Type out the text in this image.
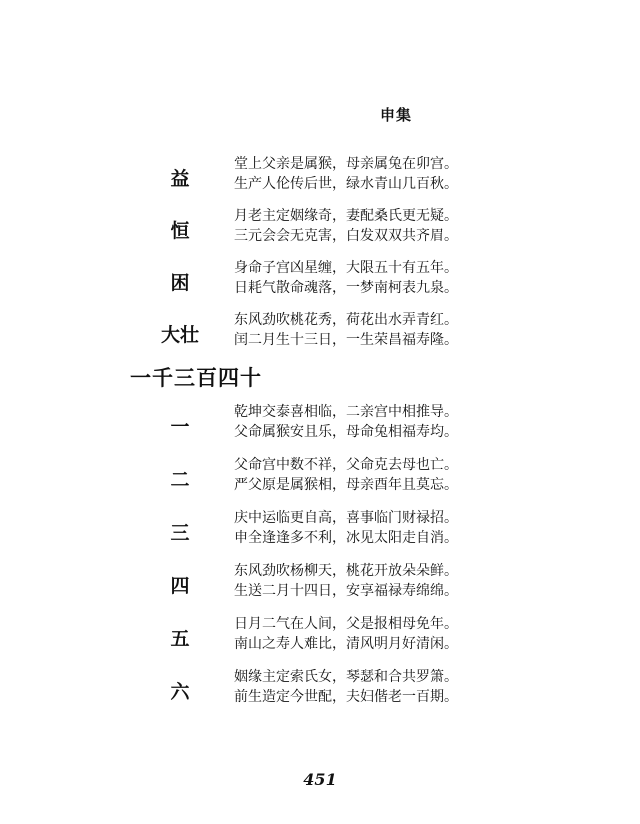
申集
益
堂上父亲是属猴，母亲属兔在卯宫。
生产人伦传后世，绿水青山几百秋。
恒
月老主定姻缘奇，妻配桑氏更无疑。
三元会会无克害，白发双双共齐眉。
困
身命子宫凶星缠，大限五十有五年。
日耗气散命魂落，一梦南柯表九泉。
大壮
东风劲吹桃花秀，荷花出水弄青红。
闰二月生十三日，一生荣昌福寿隆。
一千三百四十
一
乾坤交泰喜相临，二亲宫中相推导。
父命属猴安且乐，母命兔相福寿均。
二
父命宫中数不祥，父命克去母也亡。
严父原是属猴相，母亲酉年且莫忘。
三
庆中运临更自高，喜事临门财禄招。
申全逢逢多不利，冰见太阳走自消。
四
东风劲吹杨柳天，桃花开放朵朵鲜。
生送二月十四日，安享福禄寿绵绵。
五
日月二气在人间，父是报相母免年。
南山之寿人难比，清风明月好清闲。
六
姻缘主定索氏女，琴瑟和合共罗箫。
前生造定今世配，夫妇偕老一百期。
451
